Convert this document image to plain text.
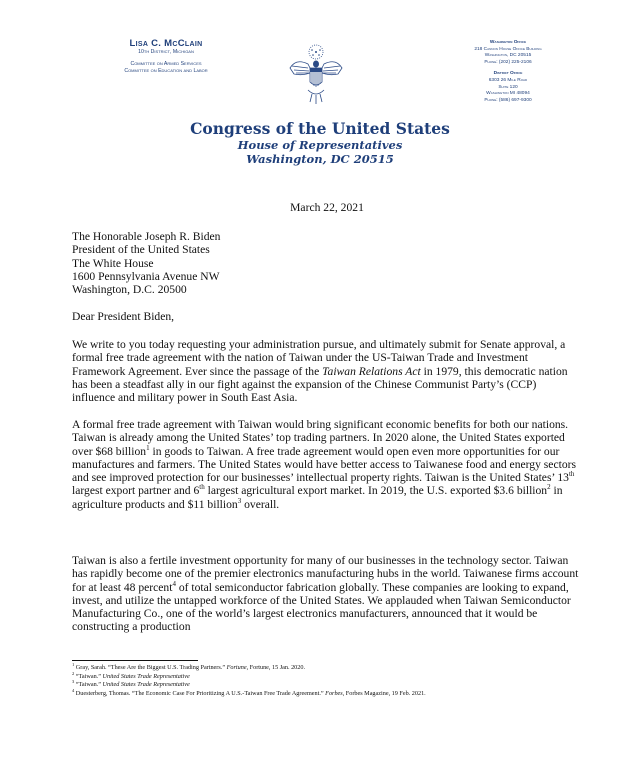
Lisa C. McClain
10th District, Michigan
Committee on Armed Services
Committee on Education and Labor
Washington Office
218 Cannon House Office Building
Washington, DC 20515
Phone: (202) 225-2106
District Office
6303 26 Mile Road
Suite 120
Washington MI 48094
Phone: (586) 697-9300
Congress of the United States
House of Representatives
Washington, DC 20515
March 22, 2021
The Honorable Joseph R. Biden
President of the United States
The White House
1600 Pennsylvania Avenue NW
Washington, D.C. 20500
Dear President Biden,
We write to you today requesting your administration pursue, and ultimately submit for Senate approval, a formal free trade agreement with the nation of Taiwan under the US-Taiwan Trade and Investment Framework Agreement. Ever since the passage of the Taiwan Relations Act in 1979, this democratic nation has been a steadfast ally in our fight against the expansion of the Chinese Communist Party’s (CCP) influence and military power in South East Asia.
A formal free trade agreement with Taiwan would bring significant economic benefits for both our nations. Taiwan is already among the United States’ top trading partners. In 2020 alone, the United States exported over $68 billion$^1$ in goods to Taiwan. A free trade agreement would open even more opportunities for our manufactures and farmers. The United States would have better access to Taiwanese food and energy sectors and see improved protection for our businesses’ intellectual property rights. Taiwan is the United States’ 13th largest export partner and 6th largest agricultural export market. In 2019, the U.S. exported $3.6 billion$^2$ in agriculture products and $11 billion$^3$ overall.
Taiwan is also a fertile investment opportunity for many of our businesses in the technology sector. Taiwan has rapidly become one of the premier electronics manufacturing hubs in the world. Taiwanese firms account for at least 48 percent$^4$ of total semiconductor fabrication globally. These companies are looking to expand, invest, and utilize the untapped workforce of the United States. We applauded when Taiwan Semiconductor Manufacturing Co., one of the world’s largest electronics manufacturers, announced that it would be constructing a production
$^1$ Gray, Sarah. “These Are the Biggest U.S. Trading Partners.” Fortune, Fortune, 15 Jan. 2020.
$^2$ “Taiwan.” United States Trade Representative
$^3$ “Taiwan.” United States Trade Representative
$^4$ Duesterberg, Thomas. “The Economic Case For Prioritizing A U.S.-Taiwan Free Trade Agreement.” Forbes, Forbes Magazine, 19 Feb. 2021.
